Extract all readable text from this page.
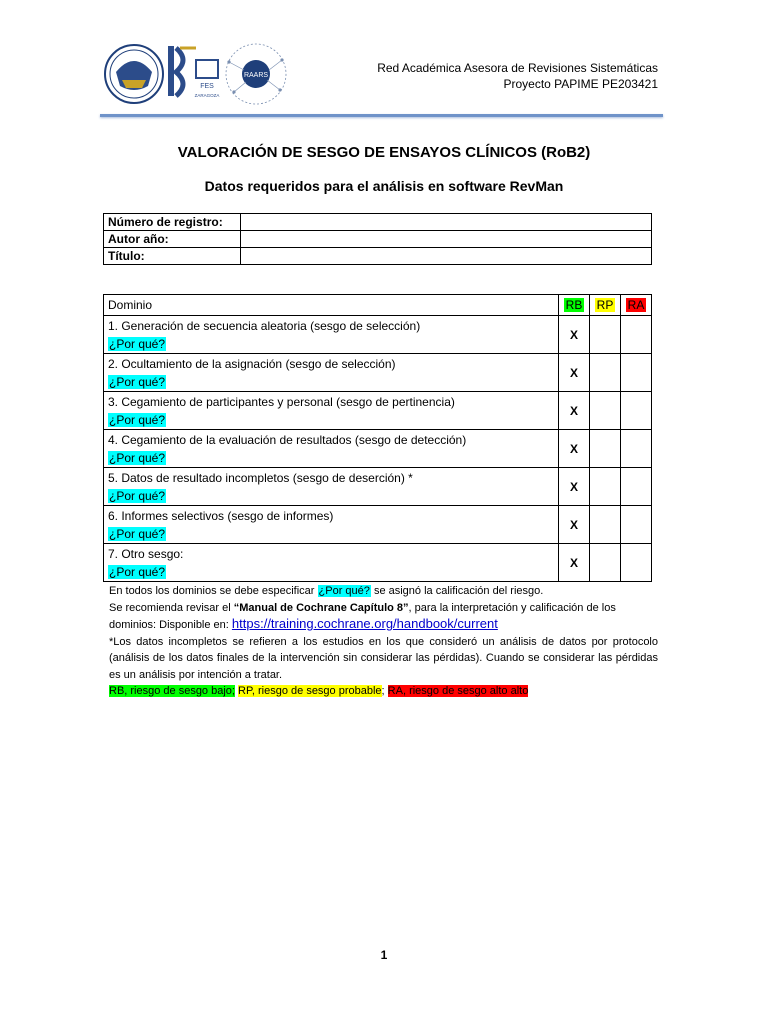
FES
ZARAGOZA
RAARS
Red Académica Asesora de Revisiones Sistemáticas
Proyecto PAPIME PE203421
VALORACIÓN DE SESGO DE ENSAYOS CLÍNICOS (RoB2)
Datos requeridos para el análisis en software RevMan
Número de registro:	
Autor año:	
Título:	
Dominio	RB	RP	RA

1. Generación de secuencia aleatoria (sesgo de selección)
¿Por qué?	X		

2. Ocultamiento de la asignación (sesgo de selección)
¿Por qué?	X		

3. Cegamiento de participantes y personal (sesgo de pertinencia)
¿Por qué?	X		

4. Cegamiento de la evaluación de resultados (sesgo de detección)
¿Por qué?	X		

5. Datos de resultado incompletos (sesgo de deserción) *
¿Por qué?	X		

6. Informes selectivos (sesgo de informes)
¿Por qué?	X		

7. Otro sesgo:
¿Por qué?	X		

En todos los dominios se debe especificar ¿Por qué? se asignó la calificación del riesgo.

Se recomienda revisar el “Manual de Cochrane Capítulo 8”, para la interpretación y calificación de los dominios: Disponible en: https://training.cochrane.org/handbook/current

*Los datos incompletos se refieren a los estudios en los que consideró un análisis de datos por protocolo (análisis de los datos finales de la intervención sin considerar las pérdidas). Cuando se considerar las pérdidas es un análisis por intención a tratar.

RB, riesgo de sesgo bajo; RP, riesgo de sesgo probable; RA, riesgo de sesgo alto alto

1
